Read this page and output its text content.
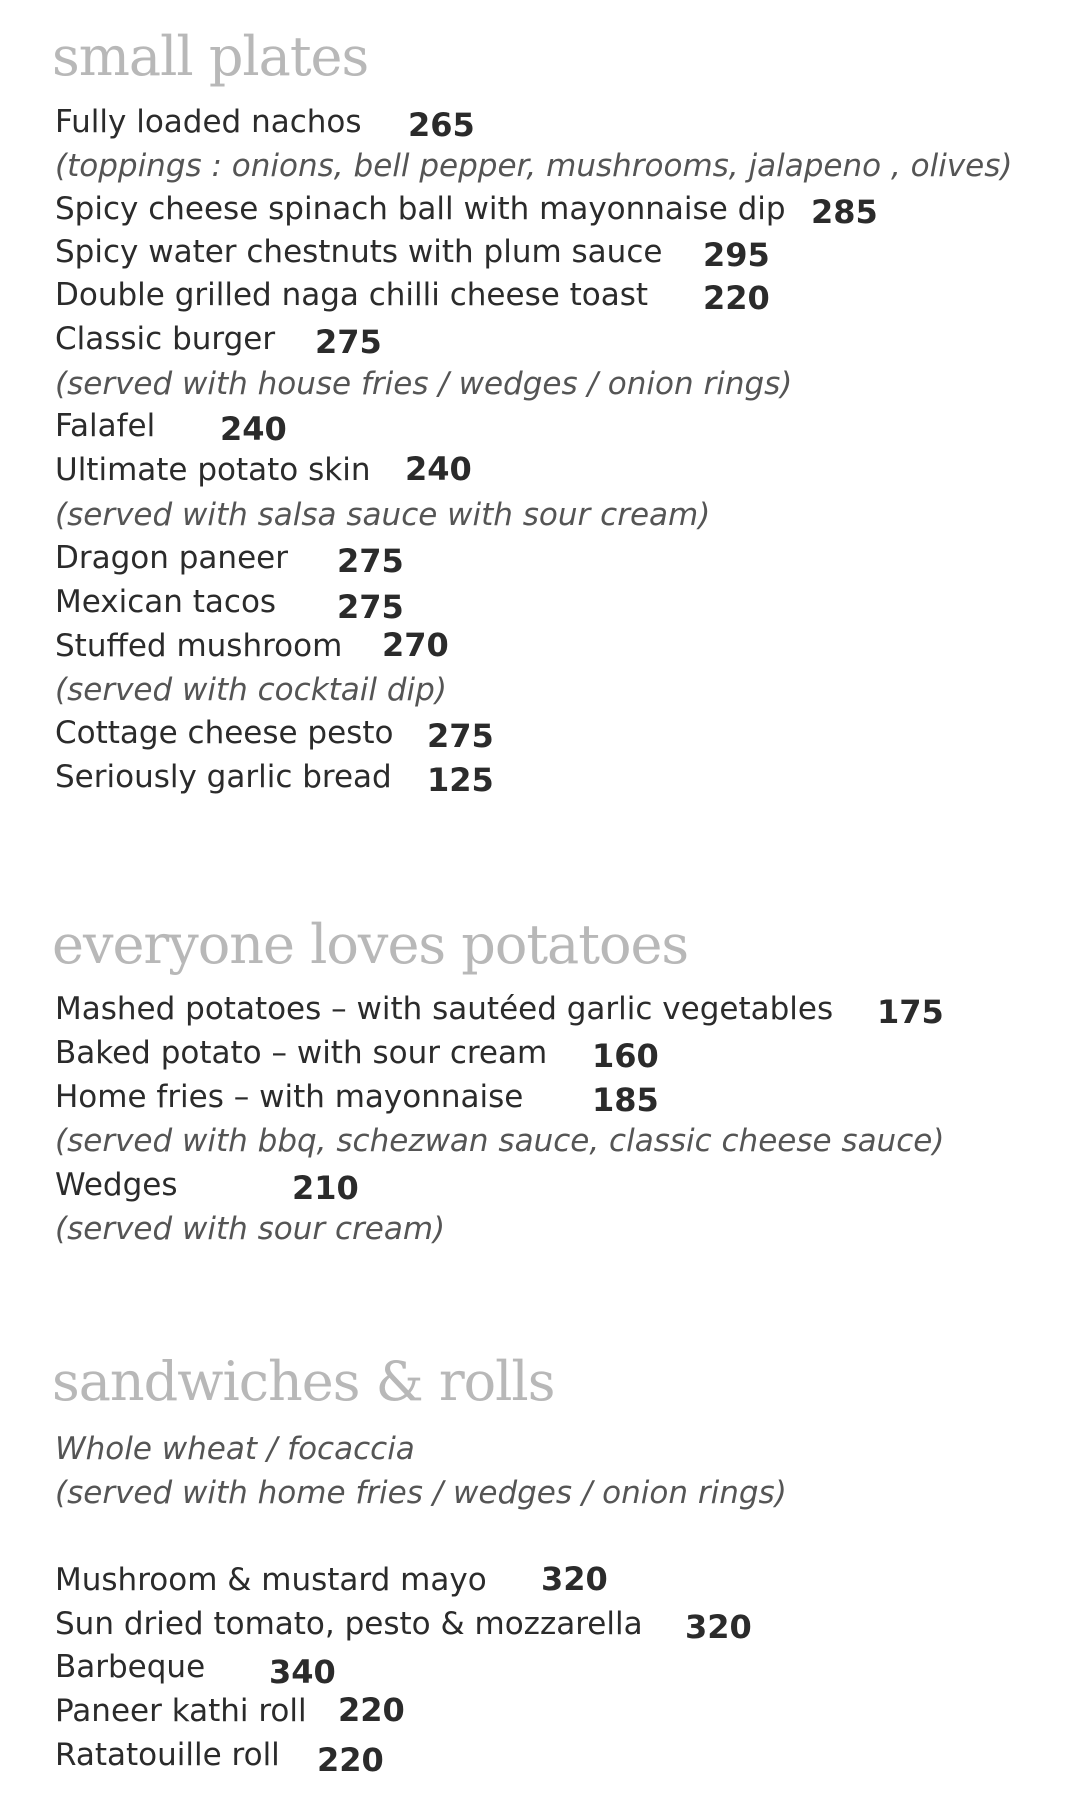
small plates
Fully loaded nachos 265
(toppings : onions, bell pepper, mushrooms, jalapeno , olives)
Spicy cheese spinach ball with mayonnaise dip 285
Spicy water chestnuts with plum sauce 295
Double grilled naga chilli cheese toast 220
Classic burger 275
(served with house fries / wedges / onion rings)
Falafel 240
Ultimate potato skin 240
(served with salsa sauce with sour cream)
Dragon paneer 275
Mexican tacos 275
Stuffed mushroom 270
(served with cocktail dip)
Cottage cheese pesto 275
Seriously garlic bread 125
everyone loves potatoes
Mashed potatoes – with sautéed garlic vegetables 175
Baked potato – with sour cream 160
Home fries – with mayonnaise 185
(served with bbq, schezwan sauce, classic cheese sauce)
Wedges	210
(served with sour cream)
sandwiches & rolls
Whole wheat / focaccia
(served with home fries / wedges / onion rings)
Mushroom & mustard mayo 320
Sun dried tomato, pesto & mozzarella 320
Barbeque 340
Paneer kathi roll 220
Ratatouille roll 220
